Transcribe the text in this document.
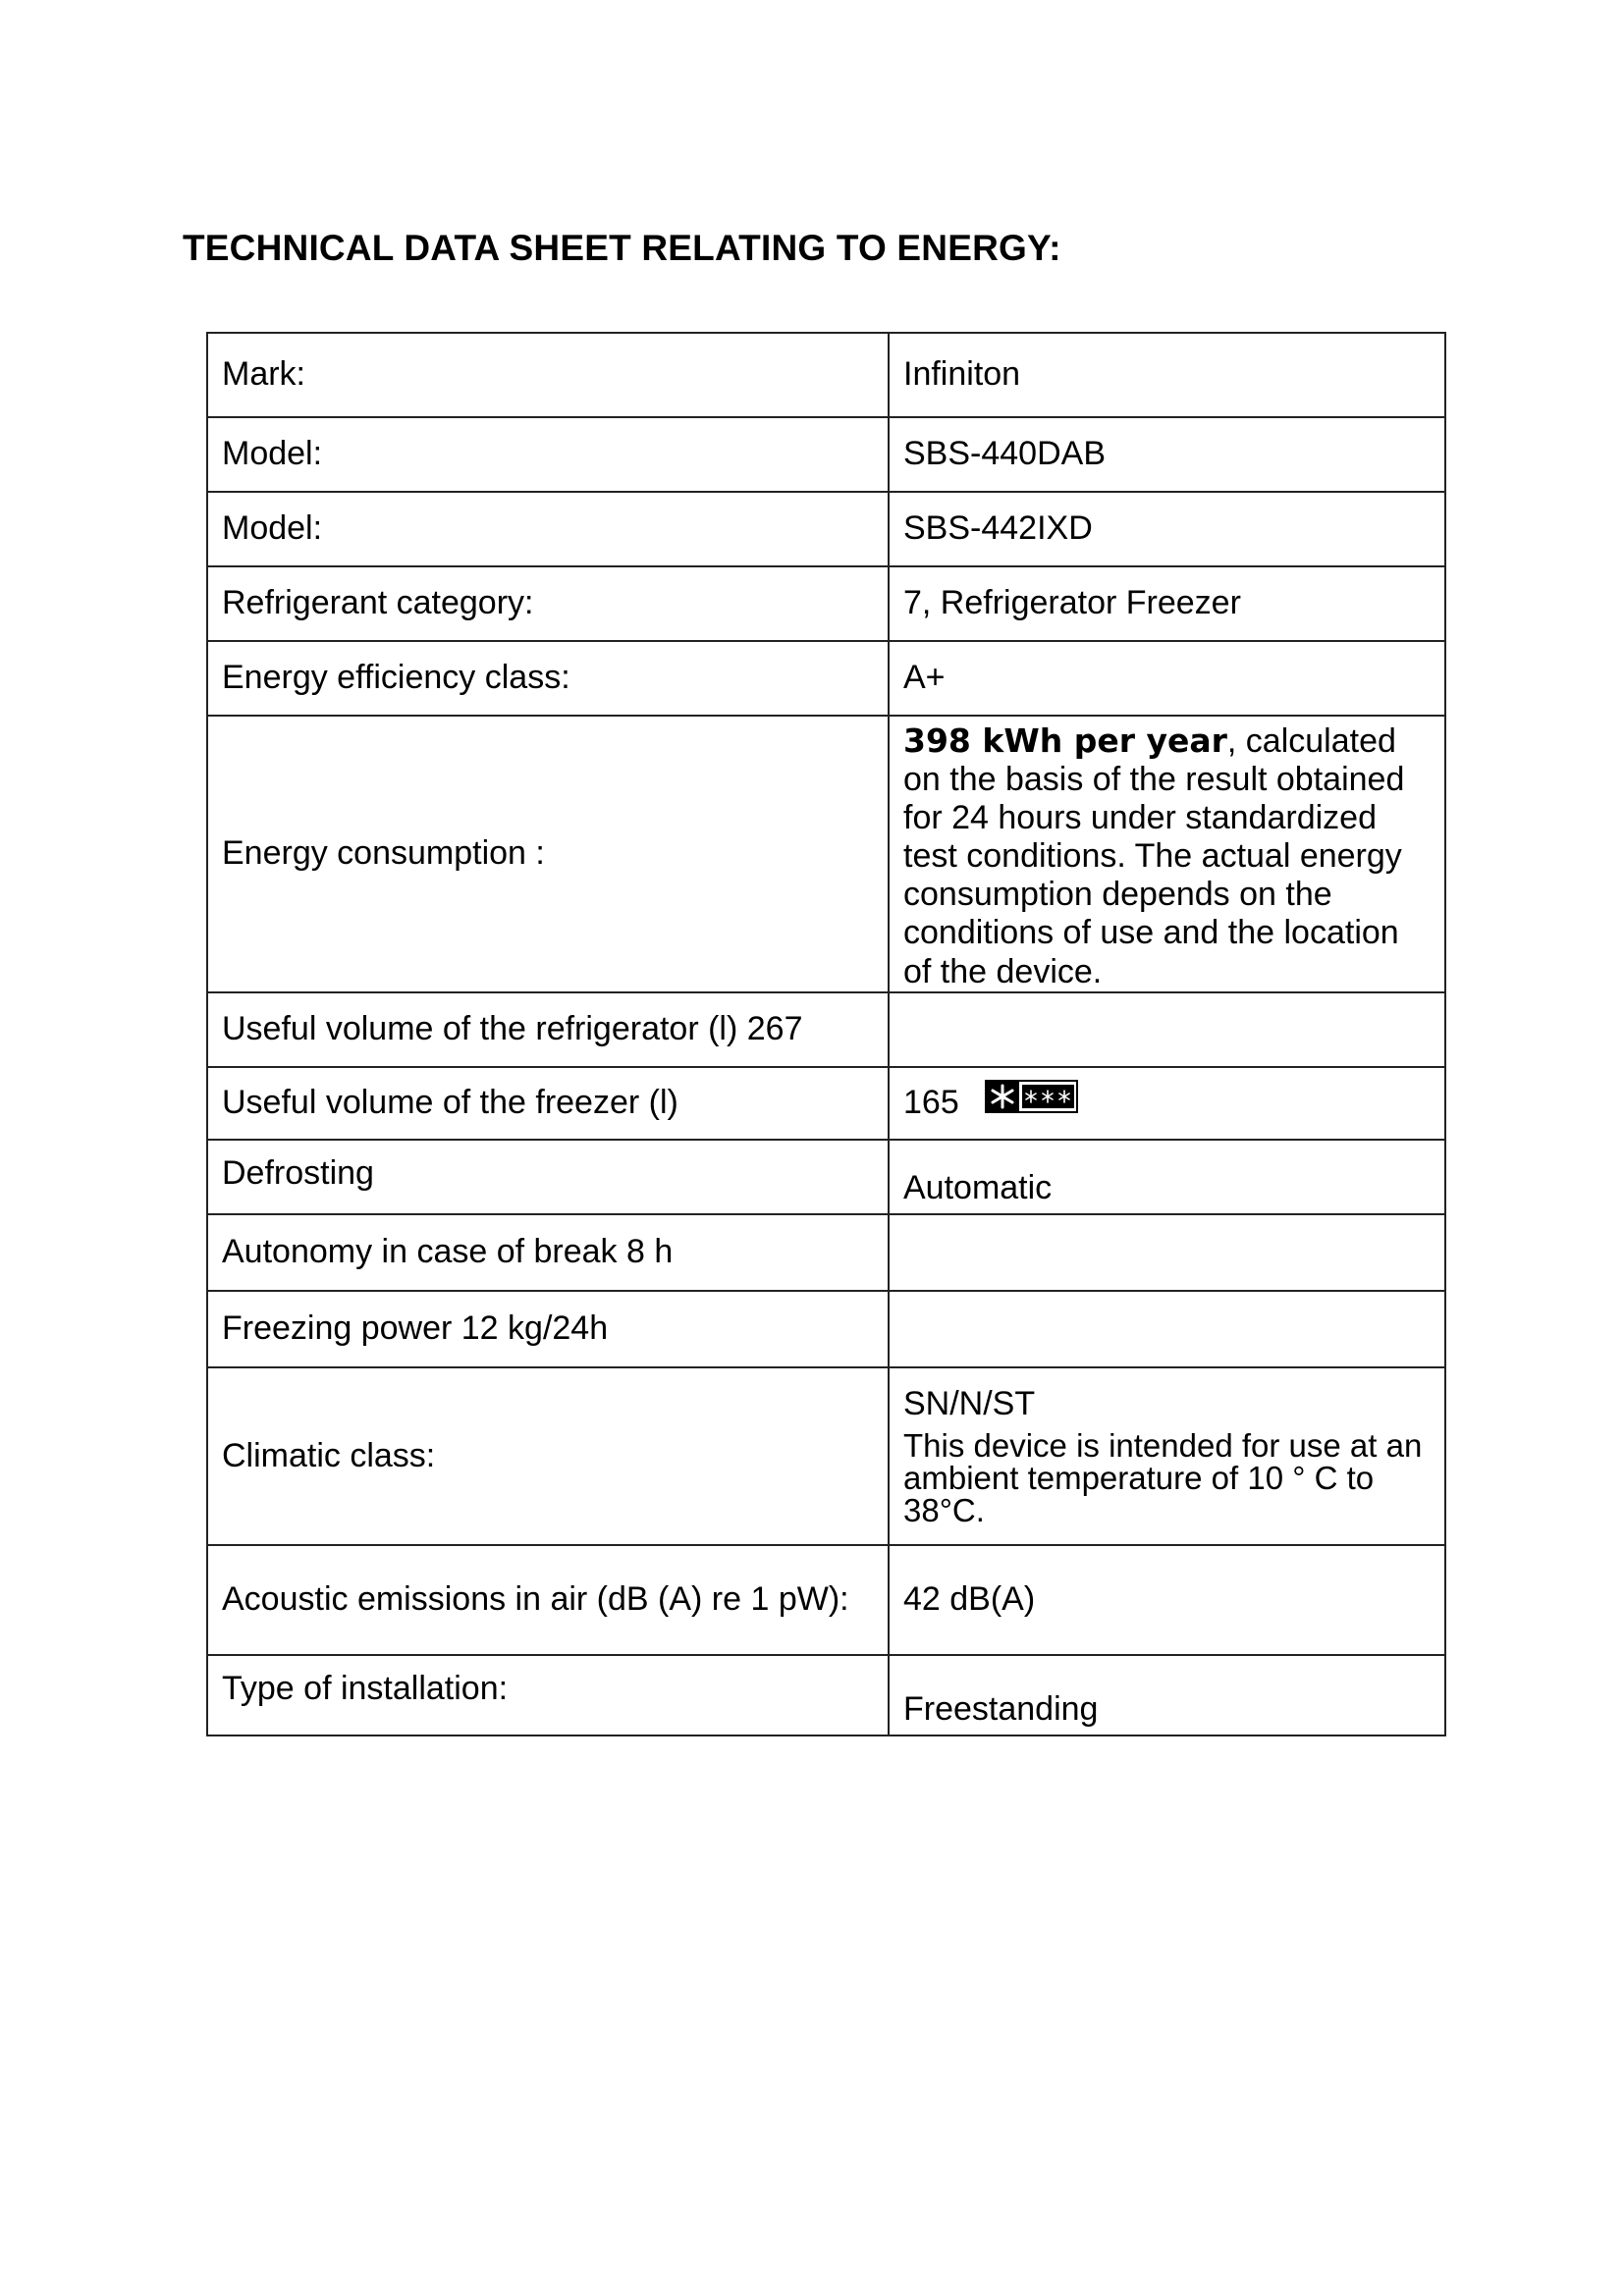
TECHNICAL DATA SHEET RELATING TO ENERGY:
Mark:	Infiniton
Model:	SBS-440DAB
Model:	SBS-442IXD
Refrigerant category:	7, Refrigerator Freezer
Energy efficiency class:	A+
Energy consumption :	398 kWh per year, calculated on the basis of the result obtained for 24 hours under standardized test conditions. The actual energy consumption depends on the conditions of use and the location of the device.
Useful volume of the refrigerator (l) 267	
Useful volume of the freezer (l)	165
Defrosting	Automatic
Autonomy in case of break 8 h	
Freezing power 12 kg/24h	
Climatic class:	SN/N/ST
This device is intended for use at an ambient temperature of 10 ° C to 38°C.

Acoustic emissions in air (dB (A) re 1 pW):	42 dB(A)
Type of installation:	Freestanding
